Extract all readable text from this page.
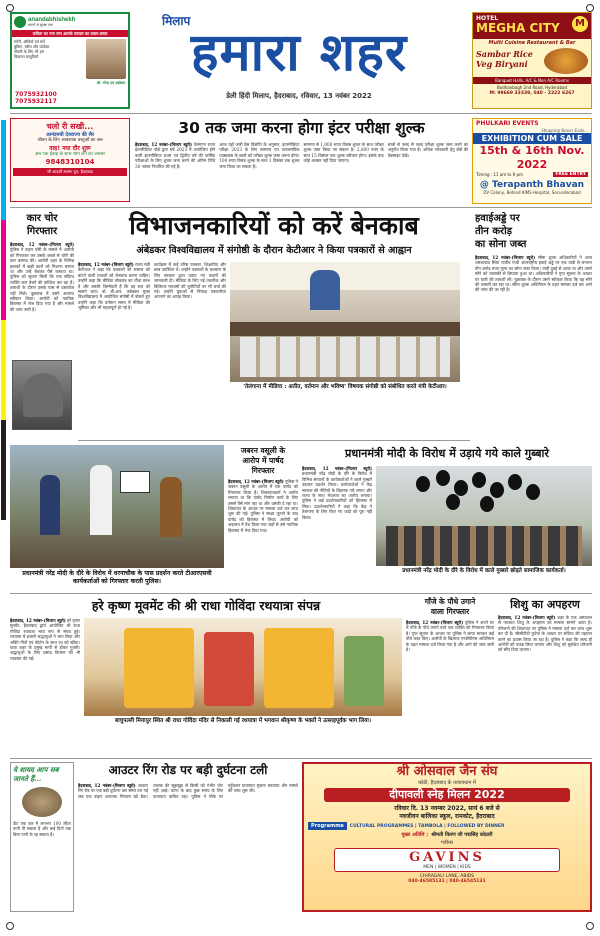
anandabhishekh
सपनों से सुरक्षा तक
कविता का नया नाम आपके व्यापार का प्रचार-प्रसार
स्टोरी, ऑडियो एवं सर्वे
बुकिंग, स्वीच और प्रोजेक्ट
नौकरी के लिए भी हम
विज्ञापन प्रस्तुतियाँ
श्री. नरेन्द्र एवं अहोबल
7075932100
7075932117
मिलाप
हमारा शहर
डेली हिंदी मिलाप, हैदराबाद, रविवार, 13 नवंबर 2022
HOTEL
MEGHA CITY	M
Multi Cuisine Restaurant & Bar
Sambar Rice
Veg Biryani
Banquet Halls, A/C & Non A/C Rooms
Bodhanbagh 2nd Road, Hyderabad
M: 99669 33339, 040 - 2322 6267
चलो री सखी...
आनंदमयी देवराज्य की सैर
जीवन के लिए आवश्यक वस्तुओं का अब
वाह! नया दौर शुरू
अब एक ईवाह के साथ भाग लेने का अवसर
9848310104
श्री आदर्शी सत्संग ग्रुप, हैदराबाद
30 तक जमा करना होगा इंटर परीक्षा शुल्क
हैदराबाद, 12 नवंबर-(मिलाप ब्यूरो) तेलंगाना राज्य इंटरमीडिएट बोर्ड द्वारा वर्ष 2023 में आयोजित होने वाली इंटरमीडिएट प्रथम एवं द्वितीय वर्ष की वार्षिक परीक्षाओं के लिए शुल्क जमा करने की अंतिम तिथि 30 नवंबर निर्धारित की गई है।
आज यहाँ जारी प्रेस विज्ञप्ति के अनुसार, इंटरमीडिएट परीक्षा 2023 के लिए सामान्य एवं व्यावसायिक पाठ्यक्रम के छात्रों को परीक्षा शुल्क जमा करना होगा। 100 रुपए विलंब शुल्क के साथ 1 दिसंबर तक शुल्क जमा किया जा सकता है।
सामान्य से 1,000 रुपए विलंब शुल्क के साथ परीक्षा शुल्क जमा किया जा सकता है। 2,000 रुपए के साथ 15 दिसंबर तक शुल्क स्वीकार होगा। इसके बाद कोई अवसर नहीं दिया जाएगा।
छात्रों से जल्द से जल्द परीक्षा शुल्क जमा करने का अनुरोध किया गया है। अधिक जानकारी हेतु बोर्ड की वेबसाइट देखें।
PHULKARI EVENTS
Shopping Never Ends...
EXHIBITION CUM SALE
15th & 16th Nov. 2022
Timing : 11 am to 9 pm	FREE ENTRY
@ Terapanth Bhavan
DV Colony, Behind KIMS Hospital, Secunderabad
कार चोर
गिरफ्तार
हैदराबाद, 12 नवंबर-(मिलाप ब्यूरो) पुलिस ने वाहन चोरी के मामले में आरोपी को गिरफ्तार कर उसके कब्जे से चोरी की कार बरामद की। आरोपी शहर के विभिन्न इलाकों में खड़ी कारों को निशाना बनाता था और उन्हें बेचकर पैसे कमाता था। पुलिस को सूचना मिली कि एक संदिग्ध व्यक्ति कार बेचने की कोशिश कर रहा है। तलाशी के दौरान उसके पास से दस्तावेज नहीं मिले। पूछताछ में उसने अपराध स्वीकार किया। आरोपी को न्यायिक हिरासत में भेज दिया गया है और मामले की जांच जारी है।
विभाजनकारियों को करें बेनकाब
अंबेडकर विश्वविद्यालय में संगोष्ठी के दौरान केटीआर ने किया पत्रकारों से आह्वान
हैदराबाद, 12 नवंबर-(मिलाप ब्यूरो) राज्य मंत्री केटीआर ने कहा कि पत्रकारों को समाज को बांटने वाली ताकतों को बेनकाब करना चाहिए। उन्होंने कहा कि मीडिया लोकतंत्र का चौथा स्तंभ है और उसकी जिम्मेदारी है कि वह सच को सामने लाए। डॉ. बी.आर. अंबेडकर मुक्त विश्वविद्यालय में आयोजित संगोष्ठी में बोलते हुए उन्होंने कहा कि वर्तमान समय में मीडिया की भूमिका और भी महत्वपूर्ण हो गई है।
कार्यक्रम में कई वरिष्ठ पत्रकार, शिक्षाविद और छात्र उपस्थित थे। उन्होंने पत्रकारों के कल्याण के लिए सरकार द्वारा उठाए गए कदमों की जानकारी दी। मीडिया के लिए नई तकनीक और डिजिटल माध्यमों की चुनौतियों पर भी चर्चा की गई। उन्होंने युवाओं से निष्पक्ष पत्रकारिता अपनाने का आग्रह किया।
'तेलंगाना में मीडिया : अतीत, वर्तमान और भविष्य' विषयक संगोष्ठी को संबोधित करते मंत्री केटीआर।
हवाईअड्डे पर
तीन करोड़
का सोना जब्त
हैदराबाद, 12 नवंबर-(मिलाप ब्यूरो) सीमा शुल्क अधिकारियों ने आज शमशाबाद स्थित राजीव गांधी अंतरराष्ट्रीय हवाई अड्डे पर एक यात्री से लगभग तीन करोड़ रुपए मूल्य का सोना जब्त किया। यात्री दुबई से आया था और उसने सोने को चालाकी से छिपाया हुआ था। अधिकारियों ने गुप्त सूचना के आधार पर यात्री की तलाशी ली। पूछताछ के दौरान उसने स्वीकार किया कि वह सोने की तस्करी कर रहा था। सीमा शुल्क अधिनियम के तहत मामला दर्ज कर आगे की जांच की जा रही है।
प्रधानमंत्री नरेंद्र मोदी के दौरे के विरोध में धरनाचौक के पास प्रदर्शन करते टीआरएसवी कार्यकर्ताओं को गिरफ्तार करती पुलिस।
जबरन वसूली के
आरोप में पार्षद
गिरफ्तार
हैदराबाद, 12 नवंबर-(मिलाप ब्यूरो) पुलिस ने जबरन वसूली के आरोप में एक पार्षद को गिरफ्तार किया है। शिकायतकर्ता ने आरोप लगाया था कि पार्षद निर्माण कार्य के लिए उससे पैसे मांग रहा था और धमकी दे रहा था। शिकायत के आधार पर मामला दर्ज कर जांच शुरू की गई। पुलिस ने साक्ष्य जुटाने के बाद पार्षद को हिरासत में लिया। आरोपी को अदालत में पेश किया गया जहाँ से उसे न्यायिक हिरासत में भेज दिया गया।
प्रधानमंत्री मोदी के विरोध में उड़ाये गये काले गुब्बारे
हैदराबाद, 12 नवंबर-(मिलाप ब्यूरो) प्रधानमंत्री नरेंद्र मोदी के दौरे के विरोध में विभिन्न संगठनों के कार्यकर्ताओं ने काले गुब्बारे उड़ाकर प्रदर्शन किया। कार्यकर्ताओं ने केंद्र सरकार की नीतियों के खिलाफ नारे लगाए और राज्य के साथ भेदभाव का आरोप लगाया। पुलिस ने कई प्रदर्शनकारियों को हिरासत में लिया। प्रदर्शनकारियों ने कहा कि केंद्र ने तेलंगाना के लिए किए गए वादों को पूरा नहीं किया।
प्रधानमंत्री नरेंद्र मोदी के दौरे के विरोध में काले गुब्बारे छोड़ते सामाजिक कार्यकर्ता।
हरे कृष्ण मूवमेंट की श्री राधा गोविंदा रथयात्रा संपन्न
हैदराबाद, 12 नवंबर-(मिलाप ब्यूरो) हरे कृष्ण मूवमेंट, हैदराबाद द्वारा आयोजित श्री राधा गोविंदा रथयात्रा भव्य रूप से संपन्न हुई। रथयात्रा में हजारों श्रद्धालुओं ने भाग लिया और भक्ति गीतों एवं कीर्तन के साथ रथ को खींचा। यात्रा शहर के प्रमुख मार्गों से होकर गुजरी। श्रद्धालुओं के लिए प्रसाद वितरण की भी व्यवस्था की गई।
बाचुपल्ली मियापुर स्थित श्री राधा गोविंदा मंदिर से निकाली गई रथयात्रा में भगवान श्रीकृष्ण के भक्तों ने उत्साहपूर्वक भाग लिया।
गाँजे के पौधे उगाने
वाला गिरफ्तार
हैदराबाद, 12 नवंबर-(मिलाप ब्यूरो) पुलिस ने अपने घर में गाँजे के पौधे उगाने वाले एक व्यक्ति को गिरफ्तार किया है। गुप्त सूचना के आधार पर पुलिस ने छापा मारकर कई पौधे जब्त किए। आरोपी के खिलाफ एनडीपीएस अधिनियम के तहत मामला दर्ज किया गया है और आगे की जांच जारी है।
शिशु का अपहरण
हैदराबाद, 12 नवंबर-(मिलाप ब्यूरो) शहर के एक अस्पताल से नवजात शिशु के अपहरण का मामला सामने आया है। परिजनों की शिकायत पर पुलिस ने मामला दर्ज कर जांच शुरू कर दी है। सीसीटीवी फुटेज के आधार पर संदिग्ध की पहचान करने का प्रयास किया जा रहा है। पुलिस ने कहा कि जल्द ही आरोपी को पकड़ लिया जाएगा और शिशु को सुरक्षित परिजनों को सौंप दिया जाएगा।
ये शायद आप सब जानते हैं...
ऊँट एक बार में लगभग 100 लीटर पानी पी सकता है और कई दिनों तक बिना पानी के रह सकता है।
आउटर रिंग रोड पर बड़ी दुर्घटना टली
हैदराबाद, 12 नवंबर-(मिलाप ब्यूरो) आउटर रिंग रोड पर एक बड़ी दुर्घटना उस समय टल गई जब एक वाहन अचानक नियंत्रण खो बैठा। चालक की सूझबूझ से किसी को गंभीर चोट नहीं आई। घटना के बाद कुछ समय के लिए यातायात बाधित रहा। पुलिस ने मौके पर पहुँचकर यातायात सुचारु करवाया और मामले की जांच शुरू की।
श्री ओसवाल जैन संघ
कोठी, हैदराबाद के तत्वावधान में
दीपावली स्नेह मिलन 2022
रविवार दि. 13 नवम्बर 2022, सायं 6 बजे से
नवजीवन बालिका स्कूल, रामकोट, हैदराबाद
Programme	CULTURAL PROGRAMMES | TAMBOLA | FOLLOWED BY DINNER
मुख्य अतिथि : श्रीमती किरण जी पद्मसिंह कोठारी
गवीन्स
GAVINS
MEN | WOMEN | KIDS
CHIRAGALI LANE, ABIDS
040-46585131 | 040-46545131
